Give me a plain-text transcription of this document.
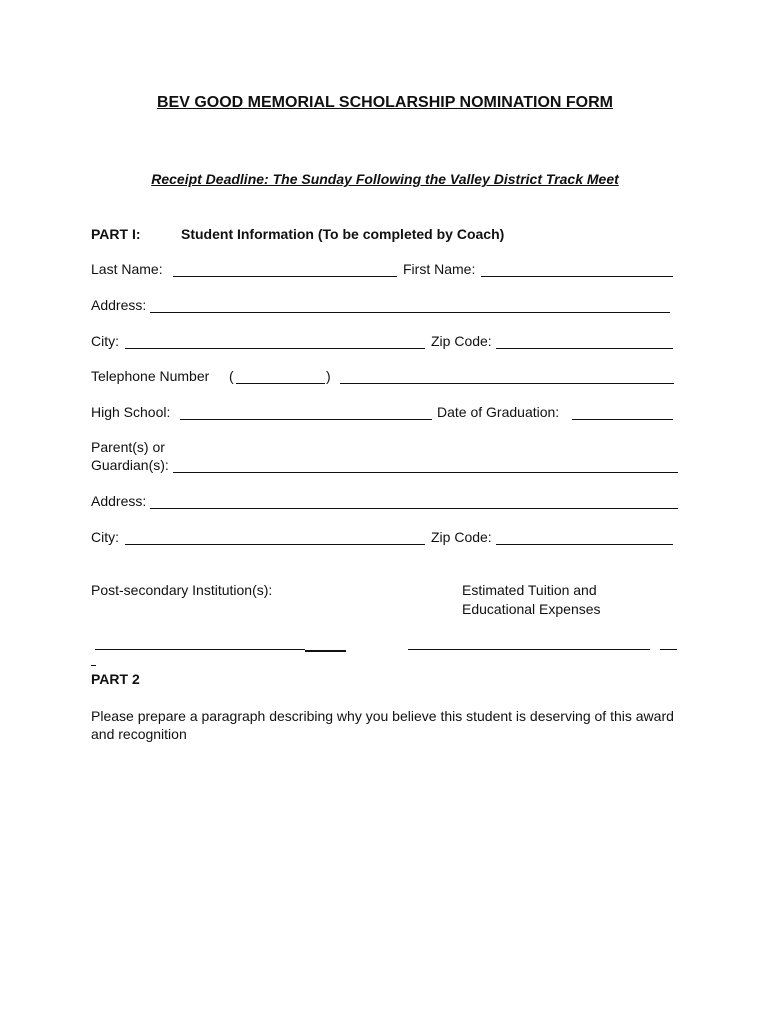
BEV GOOD MEMORIAL SCHOLARSHIP NOMINATION FORM
Receipt Deadline: The Sunday Following the Valley District Track Meet
PART I:	Student Information (To be completed by Coach)
Last Name:	First Name:
Address:
City:	Zip Code:
Telephone Number (	)
High School:	Date of Graduation:
Parent(s) or
Guardian(s):
Address:
City:	Zip Code:
Post-secondary Institution(s):	Estimated Tuition and
Educational Expenses
PART 2
Please prepare a paragraph describing why you believe this student is deserving of this award and recognition
